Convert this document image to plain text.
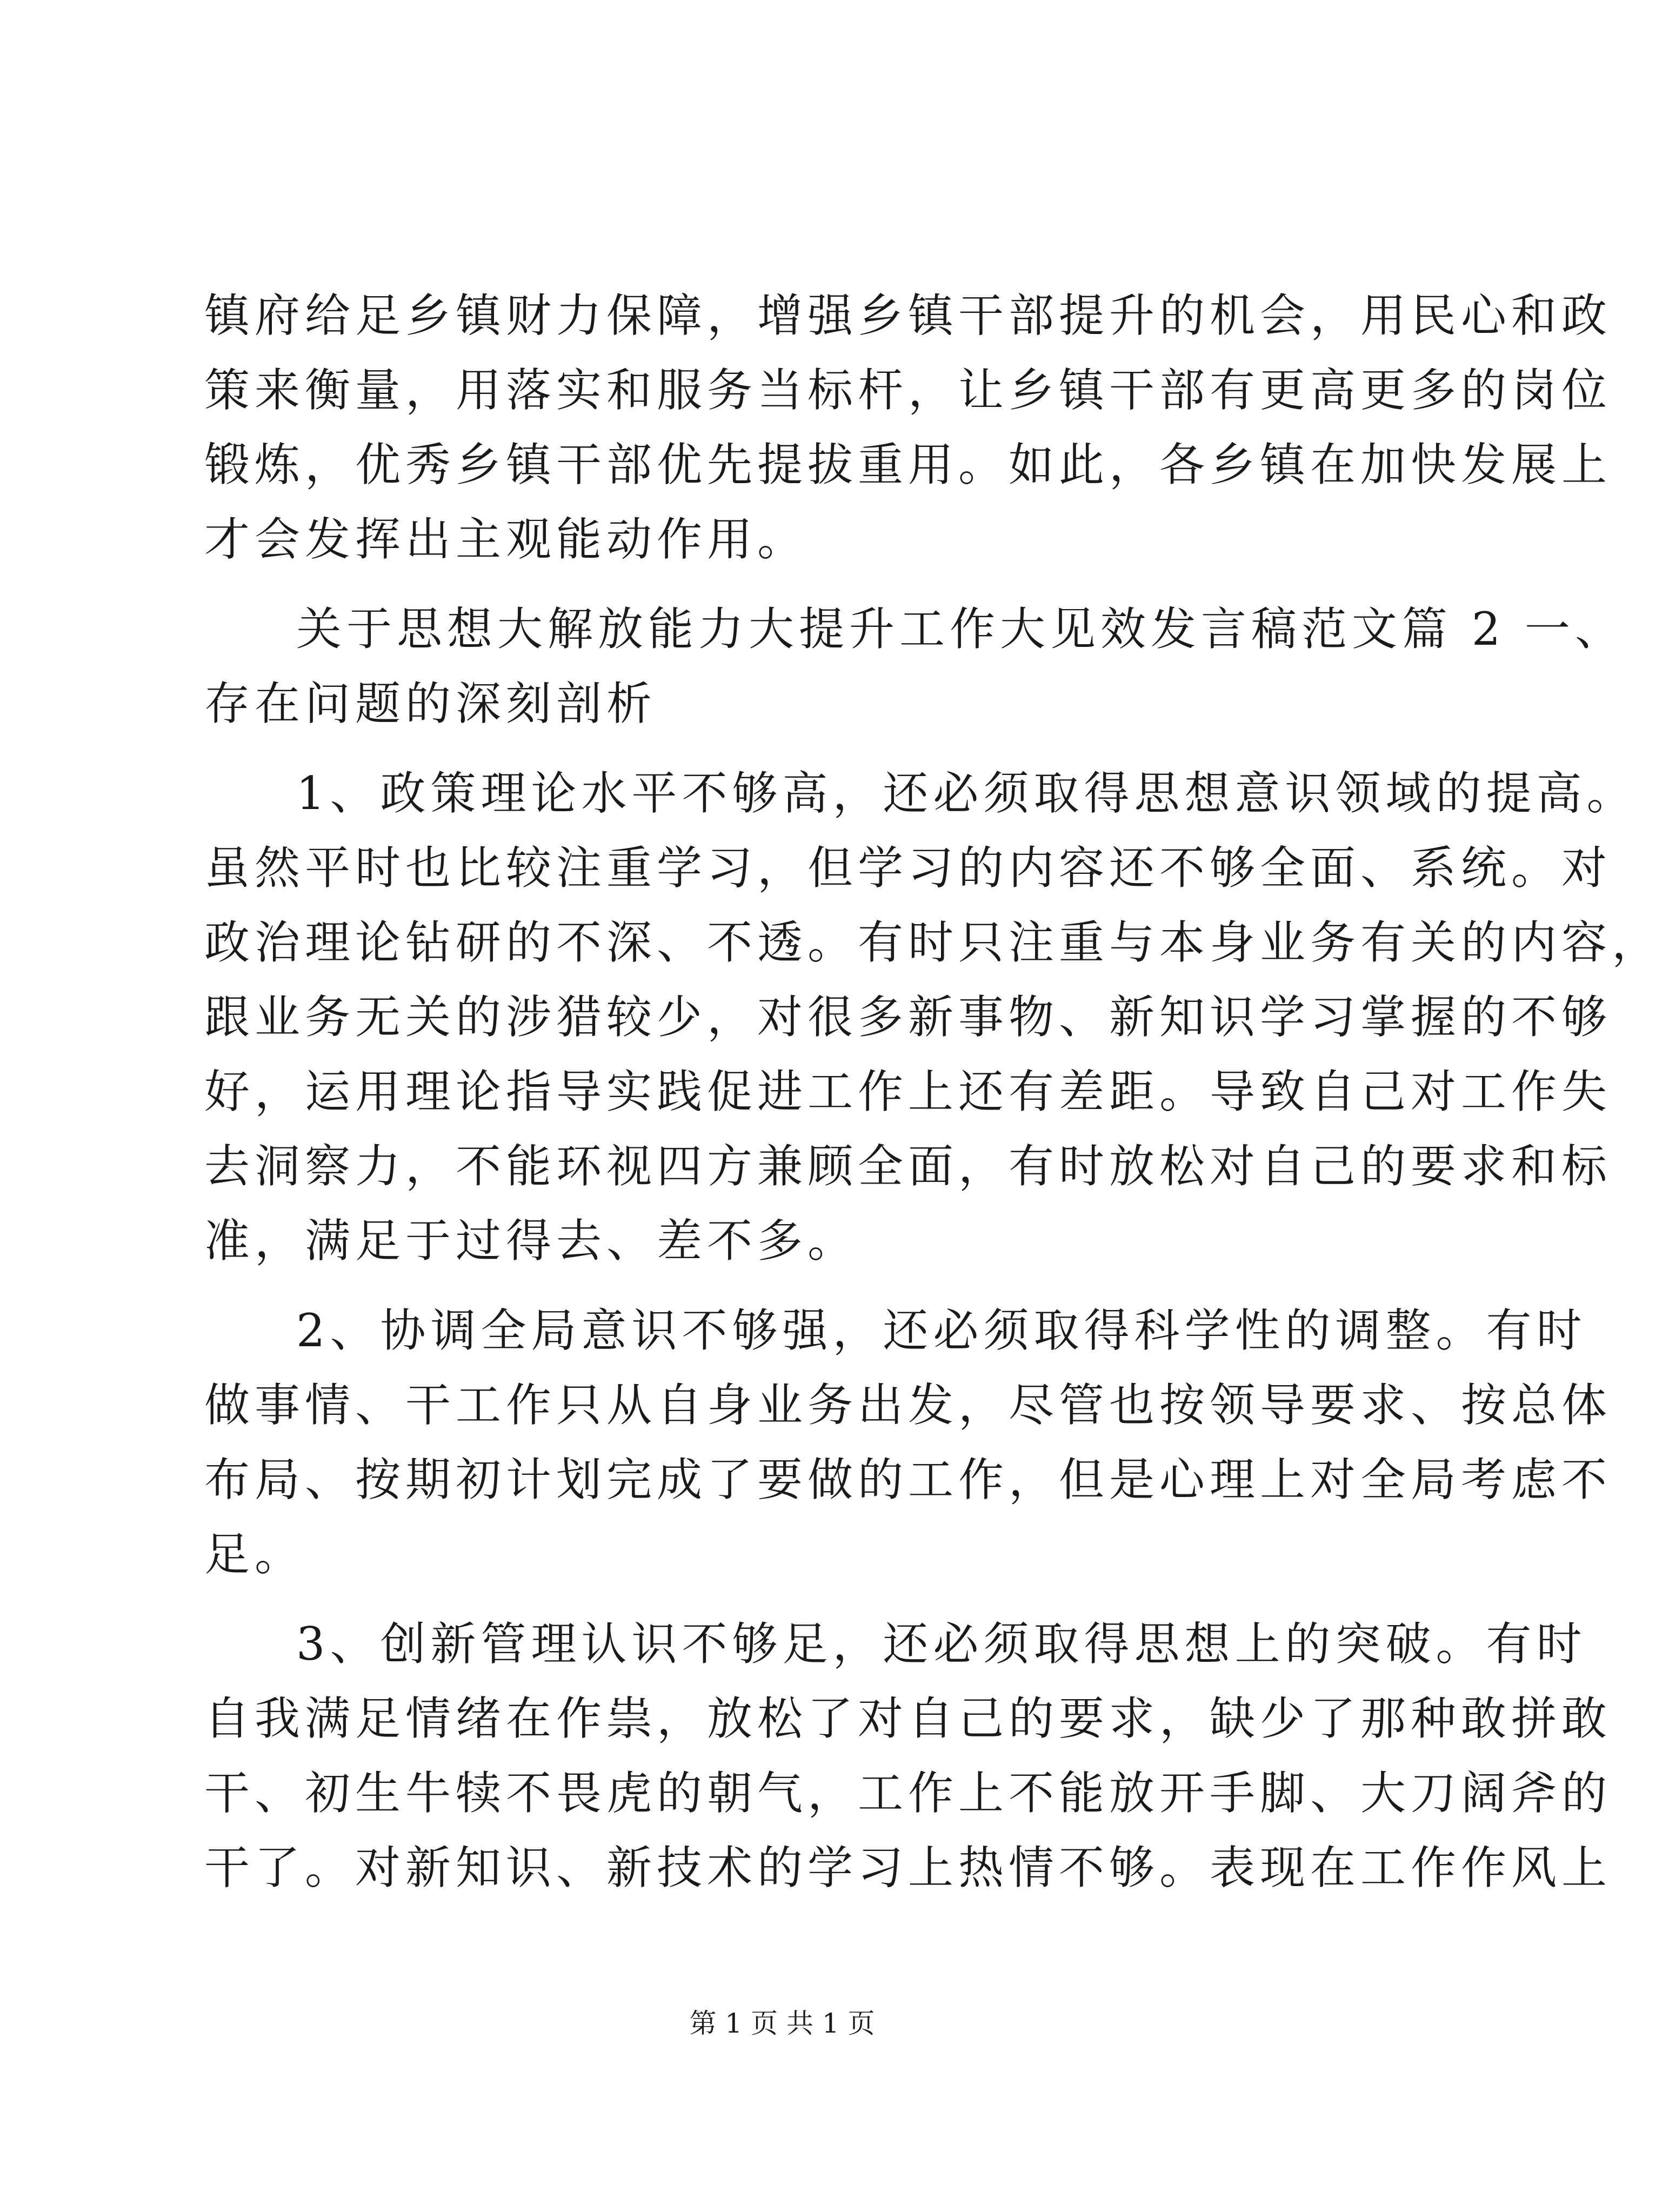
镇府给足乡镇财力保障，增强乡镇干部提升的机会，用民心和政
策来衡量，用落实和服务当标杆，让乡镇干部有更高更多的岗位
锻炼，优秀乡镇干部优先提拔重用。如此，各乡镇在加快发展上
才会发挥出主观能动作用。
关于思想大解放能力大提升工作大见效发言稿范文篇 2 一、
存在问题的深刻剖析
1、政策理论水平不够高，还必须取得思想意识领域的提高。
虽然平时也比较注重学习，但学习的内容还不够全面、系统。对
政治理论钻研的不深、不透。有时只注重与本身业务有关的内容，
跟业务无关的涉猎较少，对很多新事物、新知识学习掌握的不够
好，运用理论指导实践促进工作上还有差距。导致自己对工作失
去洞察力，不能环视四方兼顾全面，有时放松对自己的要求和标
准，满足于过得去、差不多。
2、协调全局意识不够强，还必须取得科学性的调整。有时
做事情、干工作只从自身业务出发，尽管也按领导要求、按总体
布局、按期初计划完成了要做的工作，但是心理上对全局考虑不
足。
3、创新管理认识不够足，还必须取得思想上的突破。有时
自我满足情绪在作祟，放松了对自己的要求，缺少了那种敢拼敢
干、初生牛犊不畏虎的朝气，工作上不能放开手脚、大刀阔斧的
干了。对新知识、新技术的学习上热情不够。表现在工作作风上
第 1 页 共 1 页
